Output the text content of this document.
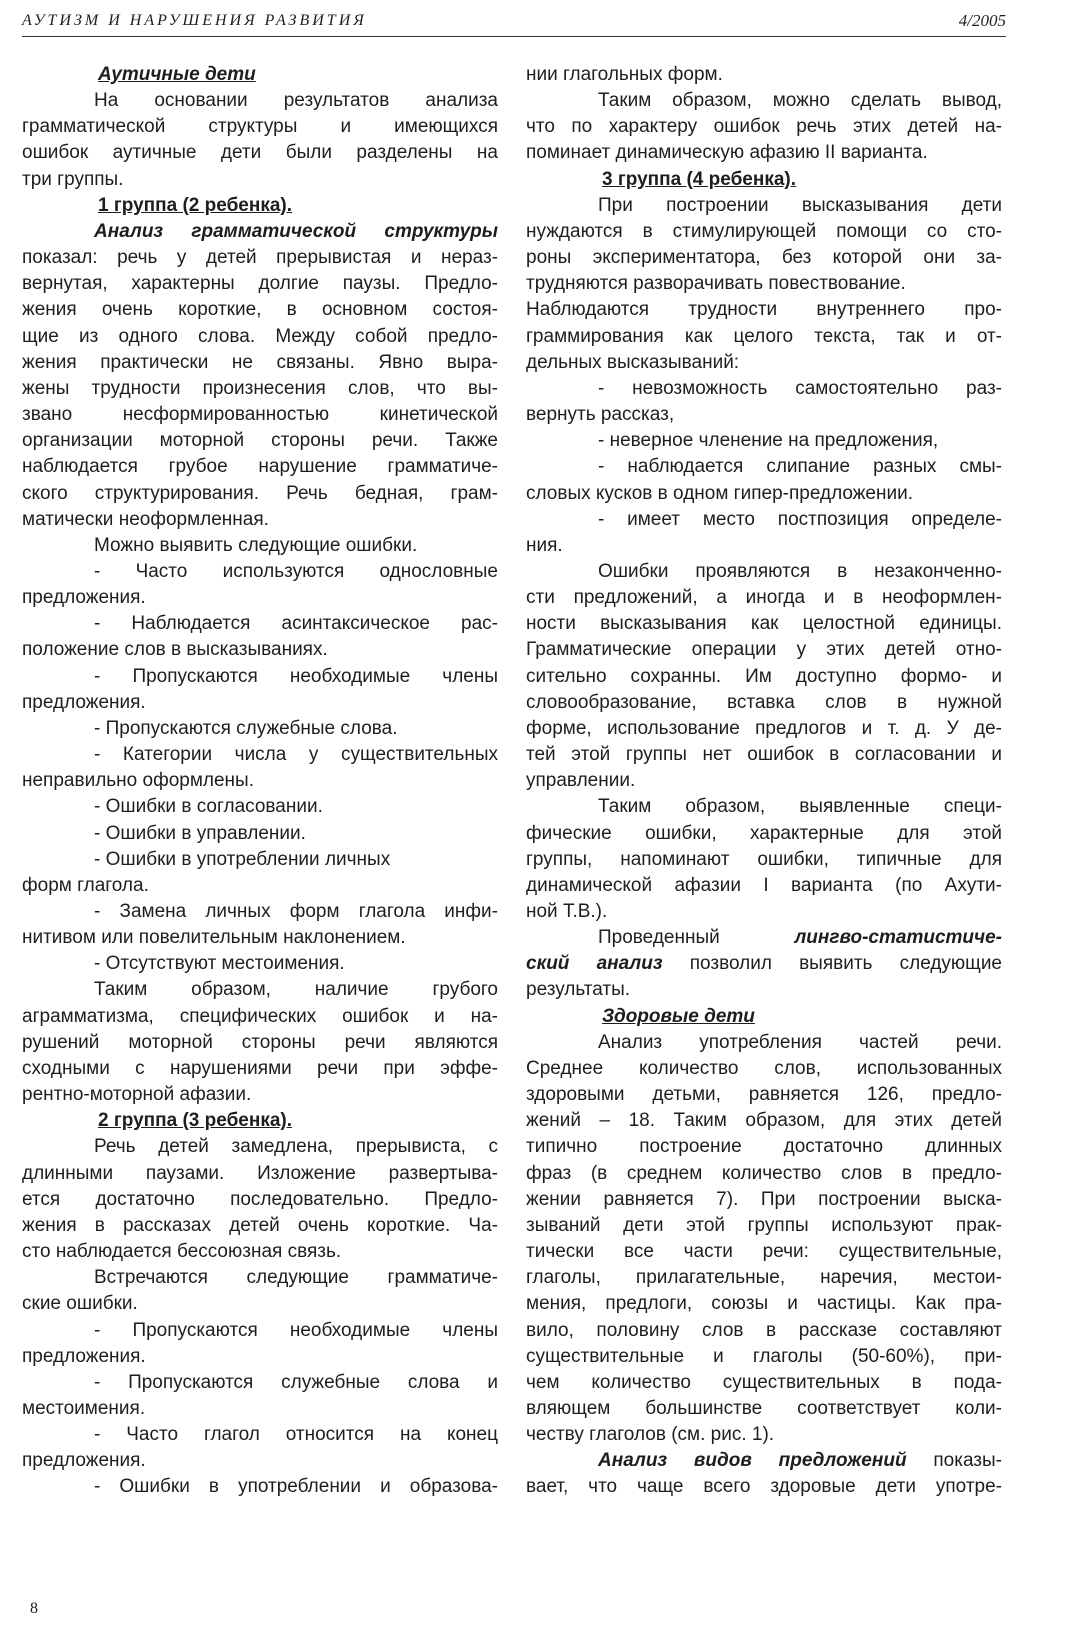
АУТИЗМ И НАРУШЕНИЯ РАЗВИТИЯ	4/2005
Аутичные дети
На основании результатов анализа
грамматической структуры и имеющихся
ошибок аутичные дети были разделены на
три группы.
1 группа (2 ребенка).
Анализ грамматической структуры
показал: речь у детей прерывистая и нераз-
вернутая, характерны долгие паузы. Предло-
жения очень короткие, в основном состоя-
щие из одного слова. Между собой предло-
жения практически не связаны. Явно выра-
жены трудности произнесения слов, что вы-
звано несформированностью кинетической
организации моторной стороны речи. Также
наблюдается грубое нарушение грамматиче-
ского структурирования. Речь бедная, грам-
матически неоформленная.
Можно выявить следующие ошибки.
- Часто используются однословные
предложения.
- Наблюдается асинтаксическое рас-
положение слов в высказываниях.
- Пропускаются необходимые члены
предложения.
- Пропускаются служебные слова.
- Категории числа у существительных
неправильно оформлены.
- Ошибки в согласовании.
- Ошибки в управлении.
- Ошибки в употреблении личных
форм глагола.
- Замена личных форм глагола инфи-
нитивом или повелительным наклонением.
- Отсутствуют местоимения.
Таким образом, наличие грубого
аграмматизма, специфических ошибок и на-
рушений моторной стороны речи являются
сходными с нарушениями речи при эффе-
рентно-моторной афазии.
2 группа (3 ребенка).
Речь детей замедлена, прерывиста, с
длинными паузами. Изложение развертыва-
ется достаточно последовательно. Предло-
жения в рассказах детей очень короткие. Ча-
сто наблюдается бессоюзная связь.
Встречаются следующие грамматиче-
ские ошибки.
- Пропускаются необходимые члены
предложения.
- Пропускаются служебные слова и
местоимения.
- Часто глагол относится на конец
предложения.
- Ошибки в употреблении и образова-
нии глагольных форм.
Таким образом, можно сделать вывод,
что по характеру ошибок речь этих детей на-
поминает динамическую афазию II варианта.
3 группа (4 ребенка).
При построении высказывания дети
нуждаются в стимулирующей помощи со сто-
роны экспериментатора, без которой они за-
трудняются разворачивать повествование.
Наблюдаются трудности внутреннего про-
граммирования как целого текста, так и от-
дельных высказываний:
- невозможность самостоятельно раз-
вернуть рассказ,
- неверное членение на предложения,
- наблюдается слипание разных смы-
словых кусков в одном гипер-предложении.
- имеет место постпозиция определе-
ния.
Ошибки проявляются в незаконченно-
сти предложений, а иногда и в неоформлен-
ности высказывания как целостной единицы.
Грамматические операции у этих детей отно-
сительно сохранны. Им доступно формо- и
словообразование, вставка слов в нужной
форме, использование предлогов и т. д. У де-
тей этой группы нет ошибок в согласовании и
управлении.
Таким образом, выявленные специ-
фические ошибки, характерные для этой
группы, напоминают ошибки, типичные для
динамической афазии I варианта (по Ахути-
ной Т.В.).
Проведенный лингво-статистиче-
ский анализ позволил выявить следующие
результаты.
Здоровые дети
Анализ употребления частей речи.
Среднее количество слов, использованных
здоровыми детьми, равняется 126, предло-
жений – 18. Таким образом, для этих детей
типично построение достаточно длинных
фраз (в среднем количество слов в предло-
жении равняется 7). При построении выска-
зываний дети этой группы используют прак-
тически все части речи: существительные,
глаголы, прилагательные, наречия, местои-
мения, предлоги, союзы и частицы. Как пра-
вило, половину слов в рассказе составляют
существительные и глаголы (50-60%), при-
чем количество существительных в пода-
вляющем большинстве соответствует коли-
честву глаголов (см. рис. 1).
Анализ видов предложений показы-
вает, что чаще всего здоровые дети употре-
8
